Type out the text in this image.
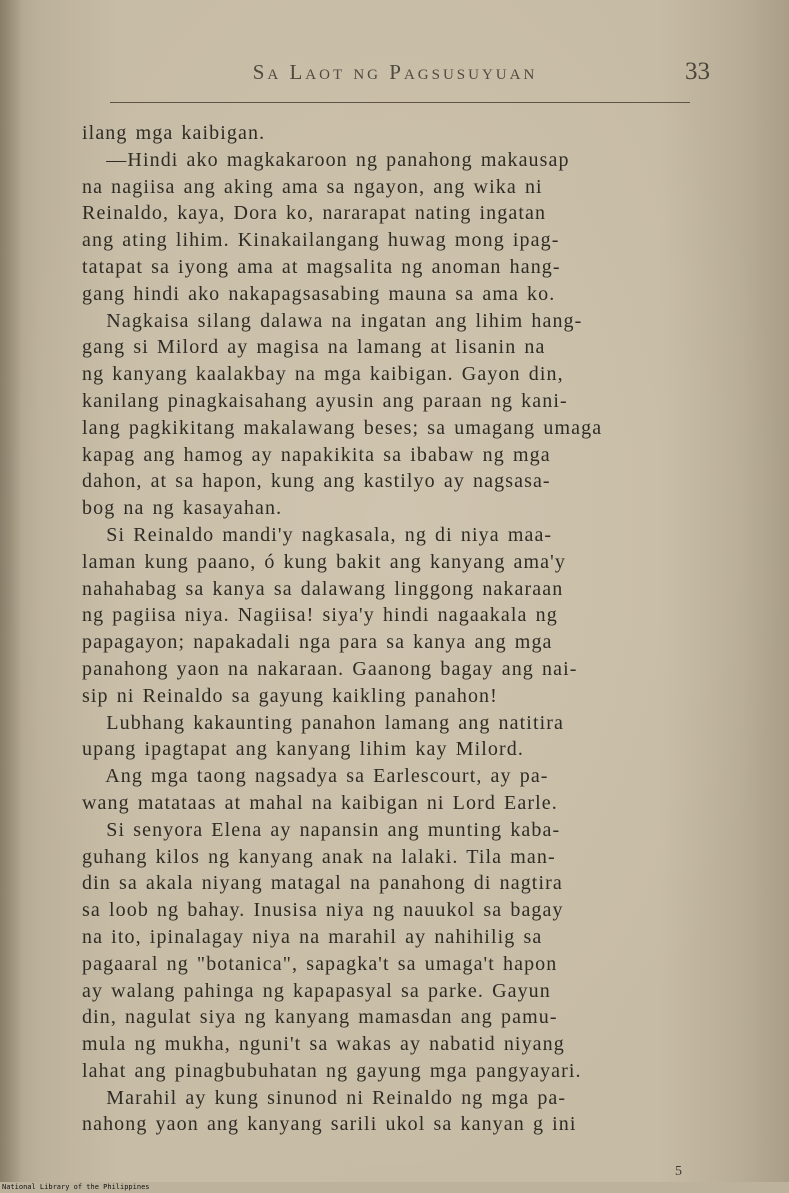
Sa Laot ng Pagsusuyuan	33
ilang mga kaibigan.
—Hindi ako magkakaroon ng panahong makausap
na nagiisa ang aking ama sa ngayon, ang wika ni
Reinaldo, kaya, Dora ko, nararapat nating ingatan
ang ating lihim. Kinakailangang huwag mong ipag-
tatapat sa iyong ama at magsalita ng anoman hang-
gang hindi ako nakapagsasabing mauna sa ama ko.
Nagkaisa silang dalawa na ingatan ang lihim hang-
gang si Milord ay magisa na lamang at lisanin na
ng kanyang kaalakbay na mga kaibigan. Gayon din,
kanilang pinagkaisahang ayusin ang paraan ng kani-
lang pagkikitang makalawang beses; sa umagang umaga
kapag ang hamog ay napakikita sa ibabaw ng mga
dahon, at sa hapon, kung ang kastilyo ay nagsasa-
bog na ng kasayahan.
Si Reinaldo mandi'y nagkasala, ng di niya maa-
laman kung paano, ó kung bakit ang kanyang ama'y
nahahabag sa kanya sa dalawang linggong nakaraan
ng pagiisa niya. Nagiisa! siya'y hindi nagaakala ng
papagayon; napakadali nga para sa kanya ang mga
panahong yaon na nakaraan. Gaanong bagay ang nai-
sip ni Reinaldo sa gayung kaikling panahon!
Lubhang kakaunting panahon lamang ang natitira
upang ipagtapat ang kanyang lihim kay Milord.
Ang mga taong nagsadya sa Earlescourt, ay pa-
wang matataas at mahal na kaibigan ni Lord Earle.
Si senyora Elena ay napansin ang munting kaba-
guhang kilos ng kanyang anak na lalaki. Tila man-
din sa akala niyang matagal na panahong di nagtira
sa loob ng bahay. Inusisa niya ng nauukol sa bagay
na ito, ipinalagay niya na marahil ay nahihilig sa
pagaaral ng "botanica", sapagka't sa umaga't hapon
ay walang pahinga ng kapapasyal sa parke. Gayun
din, nagulat siya ng kanyang mamasdan ang pamu-
mula ng mukha, nguni't sa wakas ay nabatid niyang
lahat ang pinagbubuhatan ng gayung mga pangyayari.
Marahil ay kung sinunod ni Reinaldo ng mga pa-
nahong yaon ang kanyang sarili ukol sa kanyan g ini
5
National Library of the Philippines
